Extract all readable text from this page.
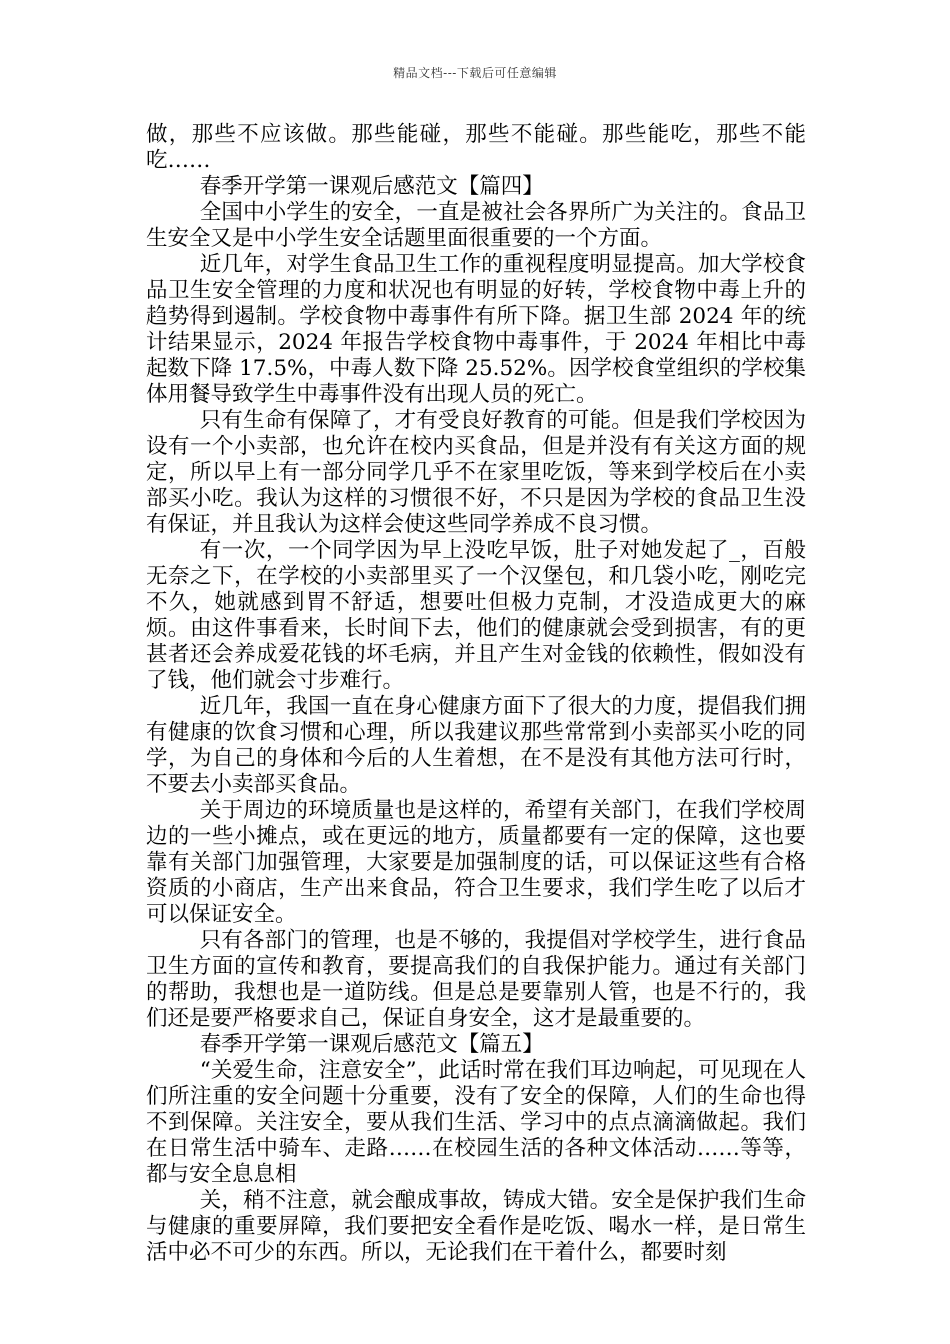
精品文档---下载后可任意编辑

做，那些不应该做。那些能碰，那些不能碰。那些能吃，那些不能吃……

春季开学第一课观后感范文【篇四】

全国中小学生的安全，一直是被社会各界所广为关注的。食品卫生安全又是中小学生安全话题里面很重要的一个方面。

近几年，对学生食品卫生工作的重视程度明显提高。加大学校食品卫生安全管理的力度和状况也有明显的好转，学校食物中毒上升的趋势得到遏制。学校食物中毒事件有所下降。据卫生部 2024 年的统计结果显示，2024 年报告学校食物中毒事件，于 2024 年相比中毒起数下降 17.5%，中毒人数下降 25.52%。因学校食堂组织的学校集体用餐导致学生中毒事件没有出现人员的死亡。

只有生命有保障了，才有受良好教育的可能。但是我们学校因为设有一个小卖部，也允许在校内买食品，但是并没有有关这方面的规定，所以早上有一部分同学几乎不在家里吃饭，等来到学校后在小卖部买小吃。我认为这样的习惯很不好，不只是因为学校的食品卫生没有保证，并且我认为这样会使这些同学养成不良习惯。

有一次，一个同学因为早上没吃早饭，肚子对她发起了_，百般无奈之下，在学校的小卖部里买了一个汉堡包，和几袋小吃，刚吃完不久，她就感到胃不舒适，想要吐但极力克制，才没造成更大的麻烦。由这件事看来，长时间下去，他们的健康就会受到损害，有的更甚者还会养成爱花钱的坏毛病，并且产生对金钱的依赖性，假如没有了钱，他们就会寸步难行。

近几年，我国一直在身心健康方面下了很大的力度，提倡我们拥有健康的饮食习惯和心理，所以我建议那些常常到小卖部买小吃的同学，为自己的身体和今后的人生着想，在不是没有其他方法可行时，不要去小卖部买食品。

关于周边的环境质量也是这样的，希望有关部门，在我们学校周边的一些小摊点，或在更远的地方，质量都要有一定的保障，这也要靠有关部门加强管理，大家要是加强制度的话，可以保证这些有合格资质的小商店，生产出来食品，符合卫生要求，我们学生吃了以后才可以保证安全。

只有各部门的管理，也是不够的，我提倡对学校学生，进行食品卫生方面的宣传和教育，要提高我们的自我保护能力。通过有关部门的帮助，我想也是一道防线。但是总是要靠别人管，也是不行的，我们还是要严格要求自己，保证自身安全，这才是最重要的。

春季开学第一课观后感范文【篇五】

“关爱生命，注意安全”，此话时常在我们耳边响起，可见现在人们所注重的安全问题十分重要，没有了安全的保障，人们的生命也得不到保障。关注安全，要从我们生活、学习中的点点滴滴做起。我们在日常生活中骑车、走路……在校园生活的各种文体活动……等等，都与安全息息相

关，稍不注意，就会酿成事故，铸成大错。安全是保护我们生命与健康的重要屏障，我们要把安全看作是吃饭、喝水一样，是日常生活中必不可少的东西。所以，无论我们在干着什么，都要时刻
